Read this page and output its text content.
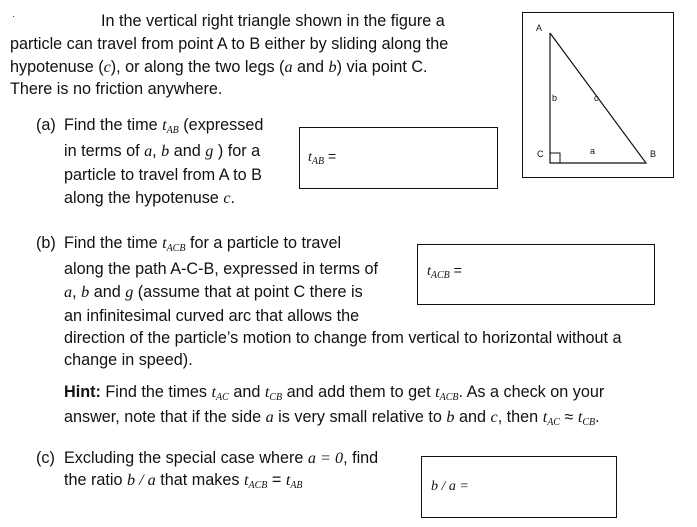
·	In the vertical right triangle shown in the figure a
particle can travel from point A to B either by sliding along the
hypotenuse (c), or along the two legs (a and b) via point C.
There is no friction anywhere.
A
B
C
b	c
a
(a) Find the time $t_{AB}$ (expressed
in terms of a, b and g ) for a
particle to travel from A to B
along the hypotenuse c.
$t_{AB}$ =
(b) Find the time $t_{ACB}$ for a particle to travel
along the path A-C-B, expressed in terms of
a, b and g (assume that at point C there is
an infinitesimal curved arc that allows the
direction of the particle’s motion to change from vertical to horizontal without a
change in speed).
$t_{ACB}$ =
Hint: Find the times $t_{AC}$ and $t_{CB}$ and add them to get $t_{ACB}$. As a check on your
answer, note that if the side a is very small relative to b and c, then $t_{AC} \approx t_{CB}$.
(c) Excluding the special case where a = 0, find
the ratio b / a that makes $t_{ACB} = t_{AB}$	b / a =
